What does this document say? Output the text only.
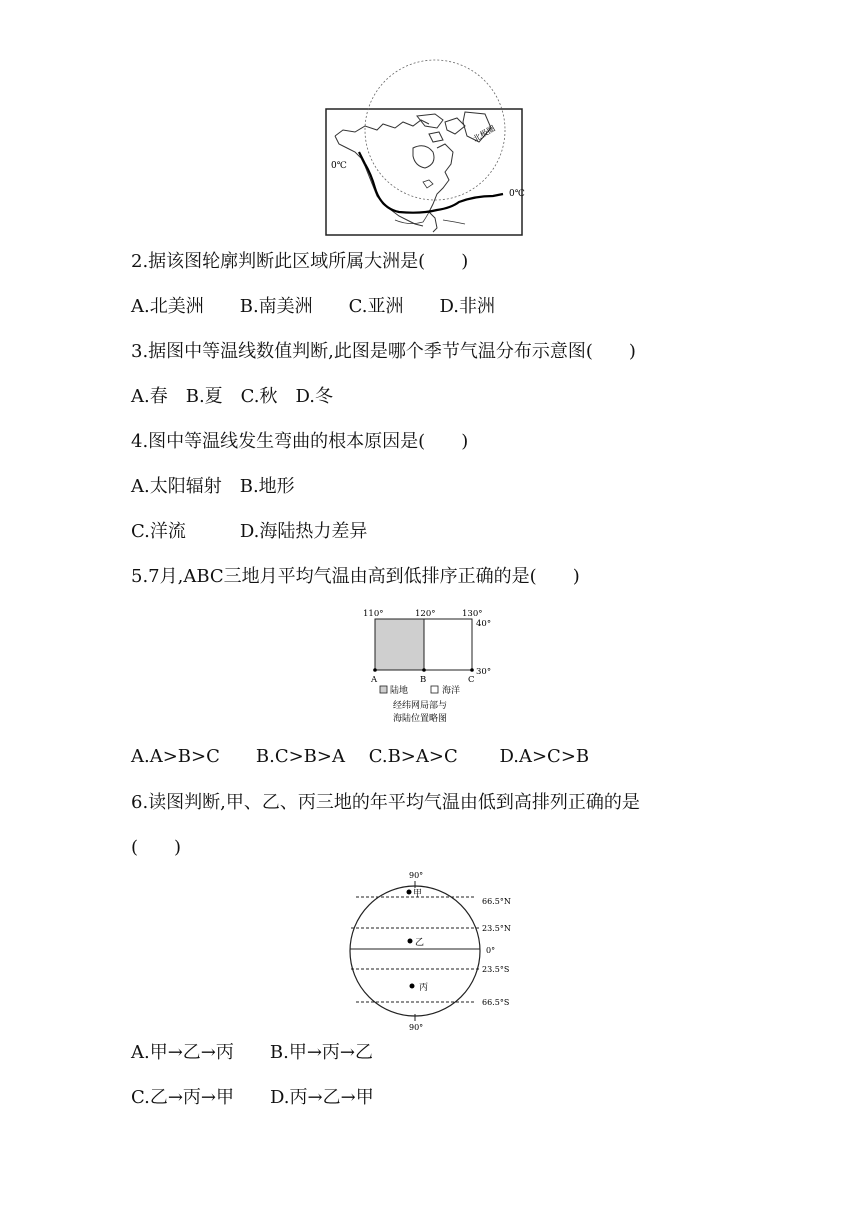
0℃
0℃
北极圈
2.据该图轮廓判断此区域所属大洲是(　　)
A.北美洲　　B.南美洲　　C.亚洲　　D.非洲
3.据图中等温线数值判断,此图是哪个季节气温分布示意图(　　)
A.春　B.夏　C.秋　D.冬
4.图中等温线发生弯曲的根本原因是(　　)
A.太阳辐射　B.地形
C.洋流　　　D.海陆热力差异
5.7月,ABC三地月平均气温由高到低排序正确的是(　　)
110°	120°	130°
40°
30°
A	B	C
陆地	海洋
经纬网局部与
海陆位置略图
A.A>B>C　　B.C>B>A　 C.B>A>C　　 D.A>C>B
6.读图判断,甲、乙、丙三地的年平均气温由低到高排列正确的是
(　　)
90°
90°
66.5°N
23.5°N
0°
23.5°S
66.5°S
甲
乙
丙
A.甲→乙→丙　　B.甲→丙→乙
C.乙→丙→甲　　D.丙→乙→甲
